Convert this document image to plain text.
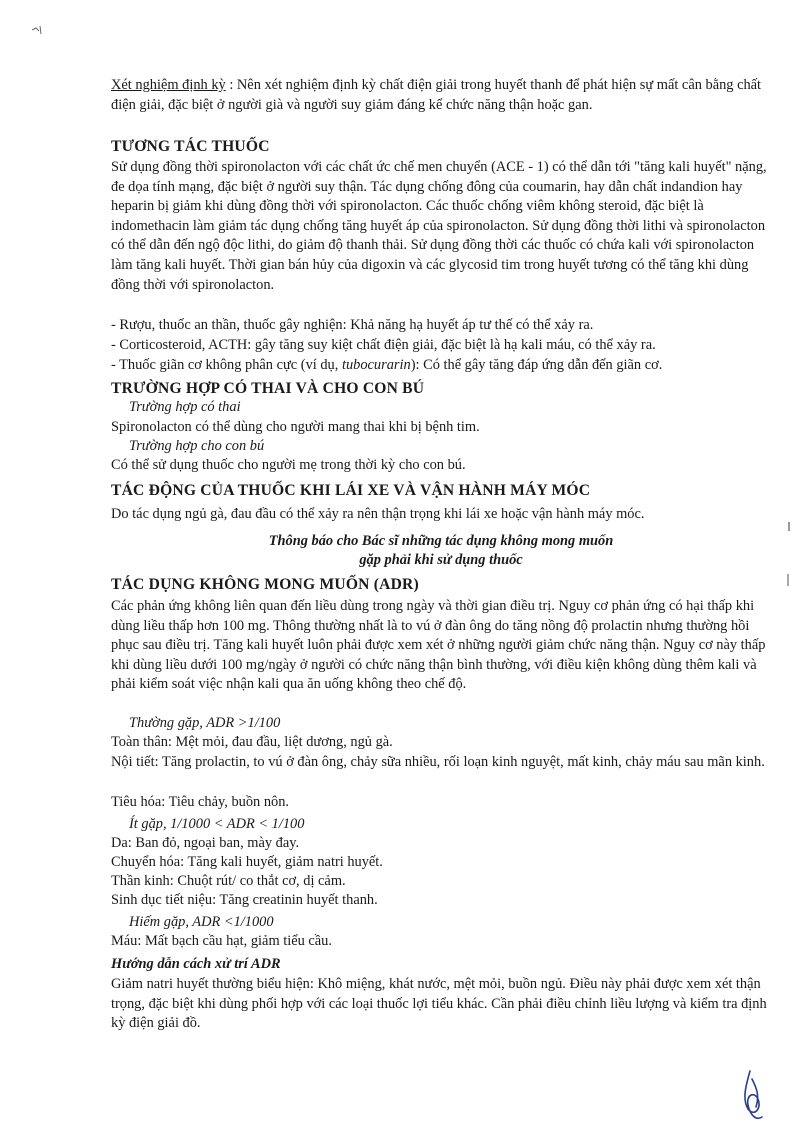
Xét nghiệm định kỳ : Nên xét nghiệm định kỳ chất điện giải trong huyết thanh để phát hiện sự mất cân bằng chất điện giải, đặc biệt ở người già và người suy giảm đáng kể chức năng thận hoặc gan.

TƯƠNG TÁC THUỐC

Sử dụng đồng thời spironolacton với các chất ức chế men chuyển (ACE - 1) có thể dẫn tới "tăng kali huyết" nặng, đe dọa tính mạng, đặc biệt ở người suy thận. Tác dụng chống đông của coumarin, hay dẫn chất indandion hay heparin bị giảm khi dùng đồng thời với spironolacton. Các thuốc chống viêm không steroid, đặc biệt là indomethacin làm giảm tác dụng chống tăng huyết áp của spironolacton. Sử dụng đồng thời lithi và spironolacton có thể dẫn đến ngộ độc lithi, do giảm độ thanh thải. Sử dụng đồng thời các thuốc có chứa kali với spironolacton làm tăng kali huyết. Thời gian bán hủy của digoxin và các glycosid tim trong huyết tương có thể tăng khi dùng đồng thời với spironolacton.

- Rượu, thuốc an thần, thuốc gây nghiện: Khả năng hạ huyết áp tư thế có thể xảy ra.

- Corticosteroid, ACTH: gây tăng suy kiệt chất điện giải, đặc biệt là hạ kali máu, có thể xảy ra.

- Thuốc giãn cơ không phân cực (ví dụ, tubocurarin): Có thể gây tăng đáp ứng dẫn đến giãn cơ.

TRƯỜNG HỢP CÓ THAI VÀ CHO CON BÚ

Trường hợp có thai

Spironolacton có thể dùng cho người mang thai khi bị bệnh tim.

Trường hợp cho con bú

Có thể sử dụng thuốc cho người mẹ trong thời kỳ cho con bú.

TÁC ĐỘNG CỦA THUỐC KHI LÁI XE VÀ VẬN HÀNH MÁY MÓC

Do tác dụng ngủ gà, đau đầu có thể xảy ra nên thận trọng khi lái xe hoặc vận hành máy móc.

Thông báo cho Bác sĩ những tác dụng không mong muốn

gặp phải khi sử dụng thuốc

TÁC DỤNG KHÔNG MONG MUỐN (ADR)

Các phản ứng không liên quan đến liều dùng trong ngày và thời gian điều trị. Nguy cơ phản ứng có hại thấp khi dùng liều thấp hơn 100 mg. Thông thường nhất là to vú ở đàn ông do tăng nồng độ prolactin nhưng thường hồi phục sau điều trị. Tăng kali huyết luôn phải được xem xét ở những người giảm chức năng thận. Nguy cơ này thấp khi dùng liều dưới 100 mg/ngày ở người có chức năng thận bình thường, với điều kiện không dùng thêm kali và phải kiểm soát việc nhận kali qua ăn uống không theo chế độ.

Thường gặp, ADR >1/100

Toàn thân: Mệt mỏi, đau đầu, liệt dương, ngủ gà.

Nội tiết: Tăng prolactin, to vú ở đàn ông, chảy sữa nhiều, rối loạn kinh nguyệt, mất kinh, chảy máu sau mãn kinh.

Tiêu hóa: Tiêu chảy, buồn nôn.

Ít gặp, 1/1000 < ADR < 1/100

Da: Ban đỏ, ngoại ban, mày đay.

Chuyển hóa: Tăng kali huyết, giảm natri huyết.

Thần kinh: Chuột rút/ co thắt cơ, dị cảm.

Sinh dục tiết niệu: Tăng creatinin huyết thanh.

Hiếm gặp, ADR <1/1000

Máu: Mất bạch cầu hạt, giảm tiểu cầu.

Hướng dẫn cách xử trí ADR

Giảm natri huyết thường biểu hiện: Khô miệng, khát nước, mệt mỏi, buồn ngủ. Điều này phải được xem xét thận trọng, đặc biệt khi dùng phối hợp với các loại thuốc lợi tiểu khác. Cần phải điều chỉnh liều lượng và kiểm tra định kỳ điện giải đồ.
